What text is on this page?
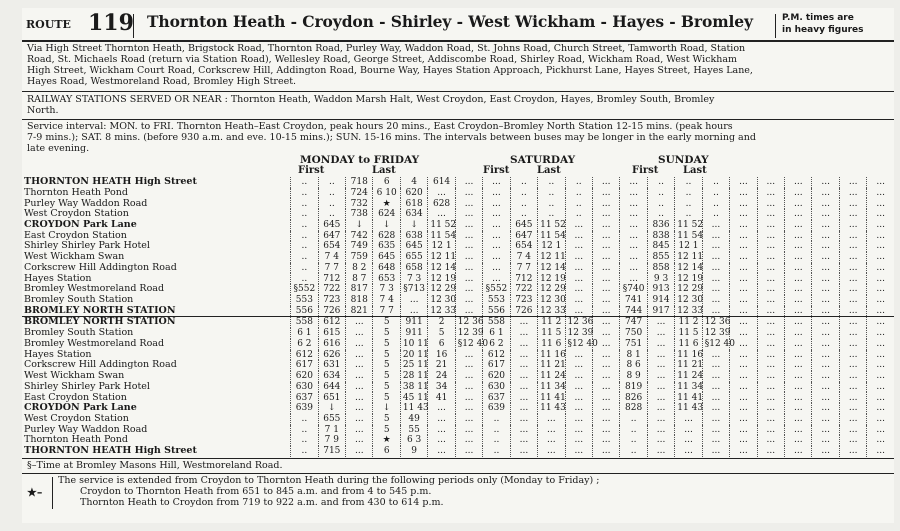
ROUTE 119 Thornton Heath - Croydon - Shirley - West Wickham - Hayes - Bromley	P.M. times are
in heavy figures
Via High Street Thornton Heath, Brigstock Road, Thornton Road, Purley Way, Waddon Road, St. Johns Road, Church Street, Tamworth Road, Station
Road, St. Michaels Road (return via Station Road), Wellesley Road, George Street, Addiscombe Road, Shirley Road, Wickham Road, West Wickham
High Street, Wickham Court Road, Corkscrew Hill, Addington Road, Bourne Way, Hayes Station Approach, Pickhurst Lane, Hayes Street, Hayes Lane,
Hayes Road, Westmoreland Road, Bromley High Street.
RAILWAY STATIONS SERVED OR NEAR : Thornton Heath, Waddon Marsh Halt, West Croydon, East Croydon, Hayes, Bromley South, Bromley
North.
Service interval: MON. to FRI. Thornton Heath–East Croydon, peak hours 20 mins., East Croydon–Bromley North Station 12-15 mins. (peak hours
7-9 mins.); SAT. 8 mins. (before 930 a.m. and eve. 10-15 mins.); SUN. 15-16 mins. The intervals between buses may be longer in the early morning and
late evening.
MONDAY to FRIDAY	SATURDAY	SUNDAY
First	Last	First	Last	First Last
THORNTON HEATH High Street	..	..	718	6	4	614	...	...	..	..	..	...	...	..	..	..	...	...	...	...	...	...
Thornton Heath Pond	..	..	724	6 10	620	...	...	...	..	..	..	...	...	..	..	..	...	...	...	...	...	...
Purley Way Waddon Road	..	..	732	★	618	628	...	...	..	..	..	...	...	..	..	..	...	...	...	...	...	...
West Croydon Station	..	..	738	624	634	...	...	...	..	..	..	...	...	..	..	..	...	...	...	...	...	...
CROYDON Park Lane	..	645	↓	↓	↓	11 52	...	...	645	11 52	...	...	...	836	11 52	...	...	...	...	...	...	...
East Croydon Station	..	647	742	628	638	11 54	...	...	647	11 54	...	...	...	838	11 54	...	...	...	...	...	...	...
Shirley Shirley Park Hotel	..	654	749	635	645	12 1	...	...	654	12 1	...	...	...	845	12 1	...	...	...	...	...	...	...
West Wickham Swan	..	7 4	759	645	655	12 11	...	...	7 4	12 11	...	...	...	855	12 11	...	...	...	...	...	...	...
Corkscrew Hill Addington Road	..	7 7	8 2	648	658	12 14	...	...	7 7	12 14	...	...	...	858	12 14	...	...	...	...	...	...	...
Hayes Station	..	712	8 7	653	7 3	12 19	...	...	712	12 19	...	...	...	9 3	12 19	...	...	...	...	...	...	...
Bromley Westmoreland Road	§552	722	817	7 3	§713	12 29	...	§552	722	12 29	...	...	§740	913	12 29	...	...	...	...	...	...	...
Bromley South Station	553	723	818	7 4	...	12 30	...	553	723	12 30	...	...	741	914	12 30	...	...	...	...	...	...	...
BROMLEY NORTH STATION	556	726	821	7 7	...	12 33	...	556	726	12 33	...	...	744	917	12 33	...	...	...	...	...	...	...
BROMLEY NORTH STATION	558	612	...	5	911	2	12 36	558	...	11 2	12 36	...	747	...	11 2	12 36	...	...	...	...	...	...
Bromley South Station	6 1	615	...	5	911	5	12 39	6 1	...	11 5	12 39	...	750	...	11 5	12 39	...	...	...	...	...	...
Bromley Westmoreland Road	6 2	616	...	5	10 11	6	§12 40	6 2	...	11 6	§12 40	...	751	...	11 6	§12 40	...	...	...	...	...	...
Hayes Station	612	626	...	5	20 11	16	...	612	...	11 16	...	...	8 1	...	11 16	...	...	...	...	...	...	...
Corkscrew Hill Addington Road	617	631	...	5	25 11	21	...	617	...	11 21	...	...	8 6	...	11 21	...	...	...	...	...	...	...
West Wickham Swan	620	634	...	5	28 11	24	...	620	...	11 24	...	...	8 9	...	11 24	...	...	...	...	...	...	...
Shirley Shirley Park Hotel	630	644	...	5	38 11	34	...	630	...	11 34	...	...	819	...	11 34	...	...	...	...	...	...	...
East Croydon Station	637	651	...	5	45 11	41	...	637	...	11 41	...	...	826	...	11 41	...	...	...	...	...	...	...
CROYDON Park Lane	639	↓	...	↓	11 43	...	...	639	...	11 43	...	...	828	...	11 43	...	...	...	...	...	...	...
West Croydon Station	..	655	...	5	49	...	...	..	...	...	...	...	..	...	...	...	...	...	...	...	...	...
Purley Way Waddon Road	..	7 1	...	5	55	...	...	..	...	...	...	...	..	...	...	...	...	...	...	...	...	...
Thornton Heath Pond	..	7 9	...	★	6 3	...	...	..	...	...	...	...	..	...	...	...	...	...	...	...	...	...
THORNTON HEATH High Street	..	715	...	6	9	...	...	..	...	...	...	...	..	...	...	...	...	...	...	...	...	...
§–Time at Bromley Masons Hill, Westmoreland Road.
★–
The service is extended from Croydon to Thornton Heath during the following periods only (Monday to Friday) ;
Croydon to Thornton Heath from 651 to 845 a.m. and from 4 to 545 p.m.
Thornton Heath to Croydon from 719 to 922 a.m. and from 430 to 614 p.m.
